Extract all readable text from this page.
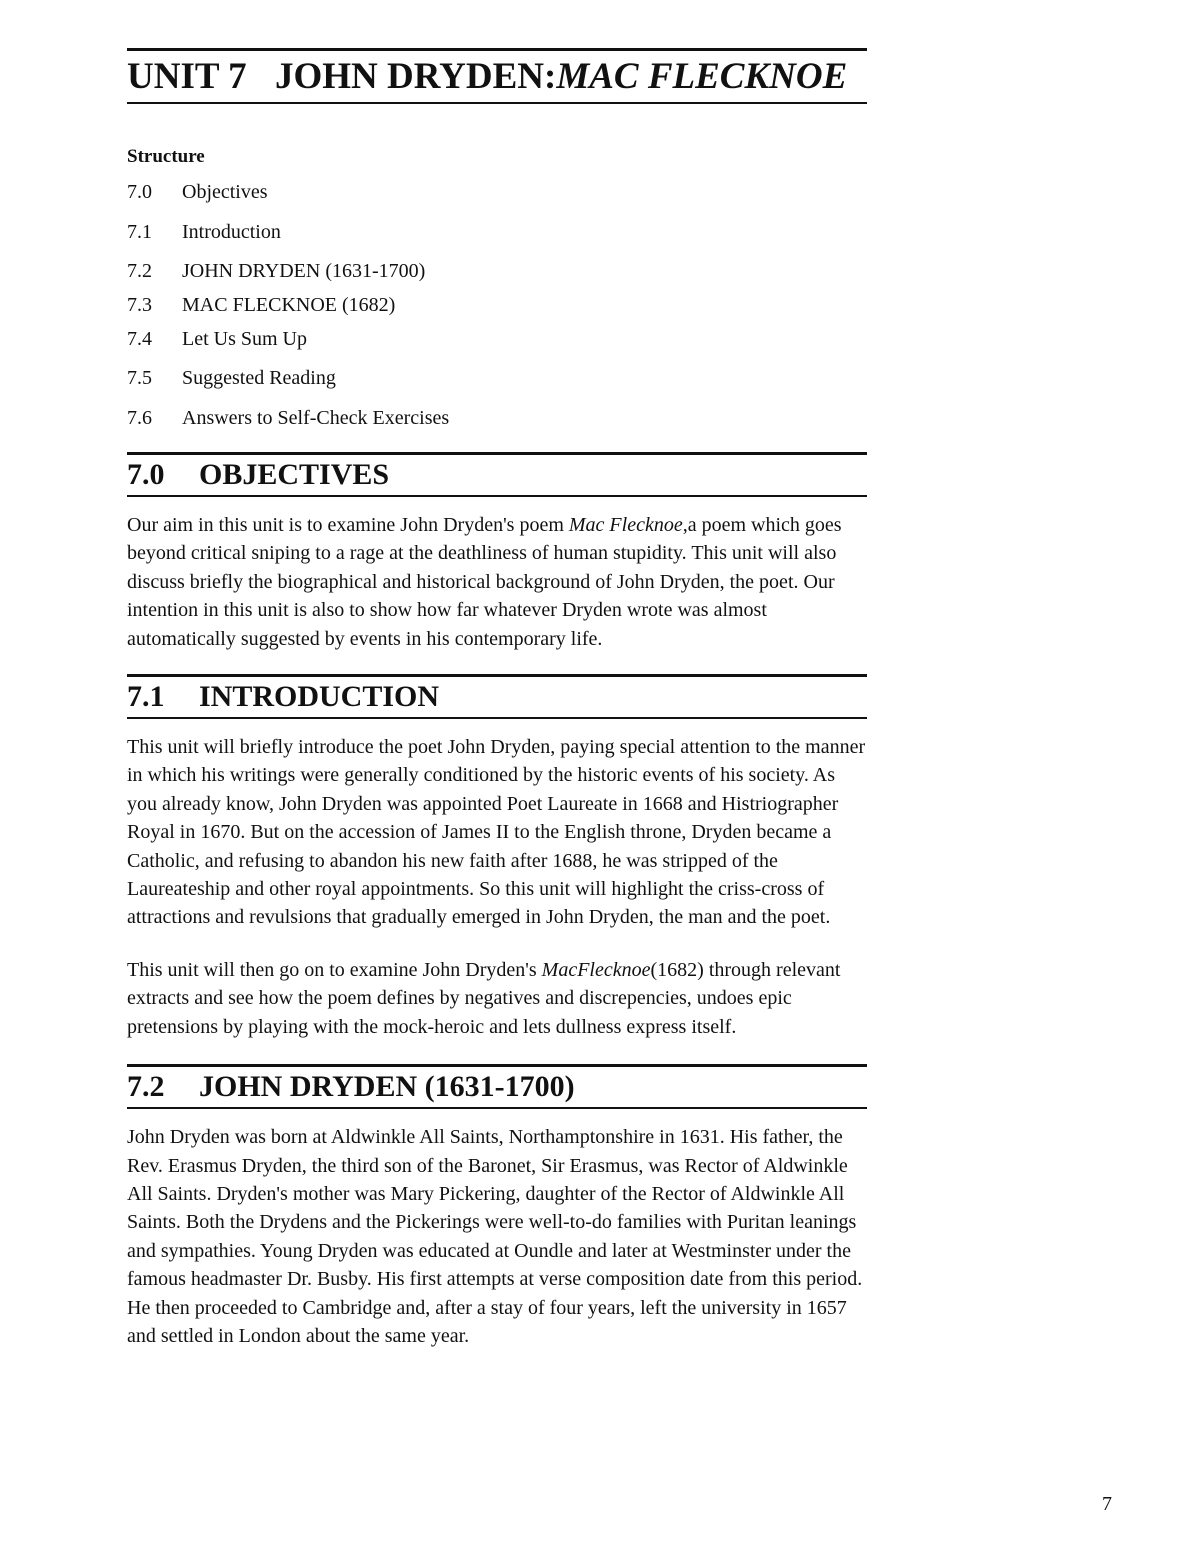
UNIT 7 JOHN DRYDEN:MAC FLECKNOE
Structure
7.0 Objectives
7.1 Introduction
7.2 JOHN DRYDEN (1631-1700)
7.3 MAC FLECKNOE (1682)
7.4 Let Us Sum Up
7.5 Suggested Reading
7.6 Answers to Self-Check Exercises
7.0 OBJECTIVES

Our aim in this unit is to examine John Dryden's poem Mac Flecknoe,a poem which goes beyond critical sniping to a rage at the deathliness of human stupidity. This unit will also discuss briefly the biographical and historical background of John Dryden, the poet. Our intention in this unit is also to show how far whatever Dryden wrote was almost automatically suggested by events in his contemporary life.

7.1 INTRODUCTION

This unit will briefly introduce the poet John Dryden, paying special attention to the manner in which his writings were generally conditioned by the historic events of his society. As you already know, John Dryden was appointed Poet Laureate in 1668 and Histriographer Royal in 1670. But on the accession of James II to the English throne, Dryden became a Catholic, and refusing to abandon his new faith after 1688, he was stripped of the Laureateship and other royal appointments. So this unit will highlight the criss-cross of attractions and revulsions that gradually emerged in John Dryden, the man and the poet.

This unit will then go on to examine John Dryden's MacFlecknoe(1682) through relevant extracts and see how the poem defines by negatives and discrepencies, undoes epic pretensions by playing with the mock-heroic and lets dullness express itself.

7.2 JOHN DRYDEN (1631-1700)

John Dryden was born at Aldwinkle All Saints, Northamptonshire in 1631. His father, the Rev. Erasmus Dryden, the third son of the Baronet, Sir Erasmus, was Rector of Aldwinkle All Saints. Dryden's mother was Mary Pickering, daughter of the Rector of Aldwinkle All Saints. Both the Drydens and the Pickerings were well-to-do families with Puritan leanings and sympathies. Young Dryden was educated at Oundle and later at Westminster under the famous headmaster Dr. Busby. His first attempts at verse composition date from this period. He then proceeded to Cambridge and, after a stay of four years, left the university in 1657 and settled in London about the same year.

7
